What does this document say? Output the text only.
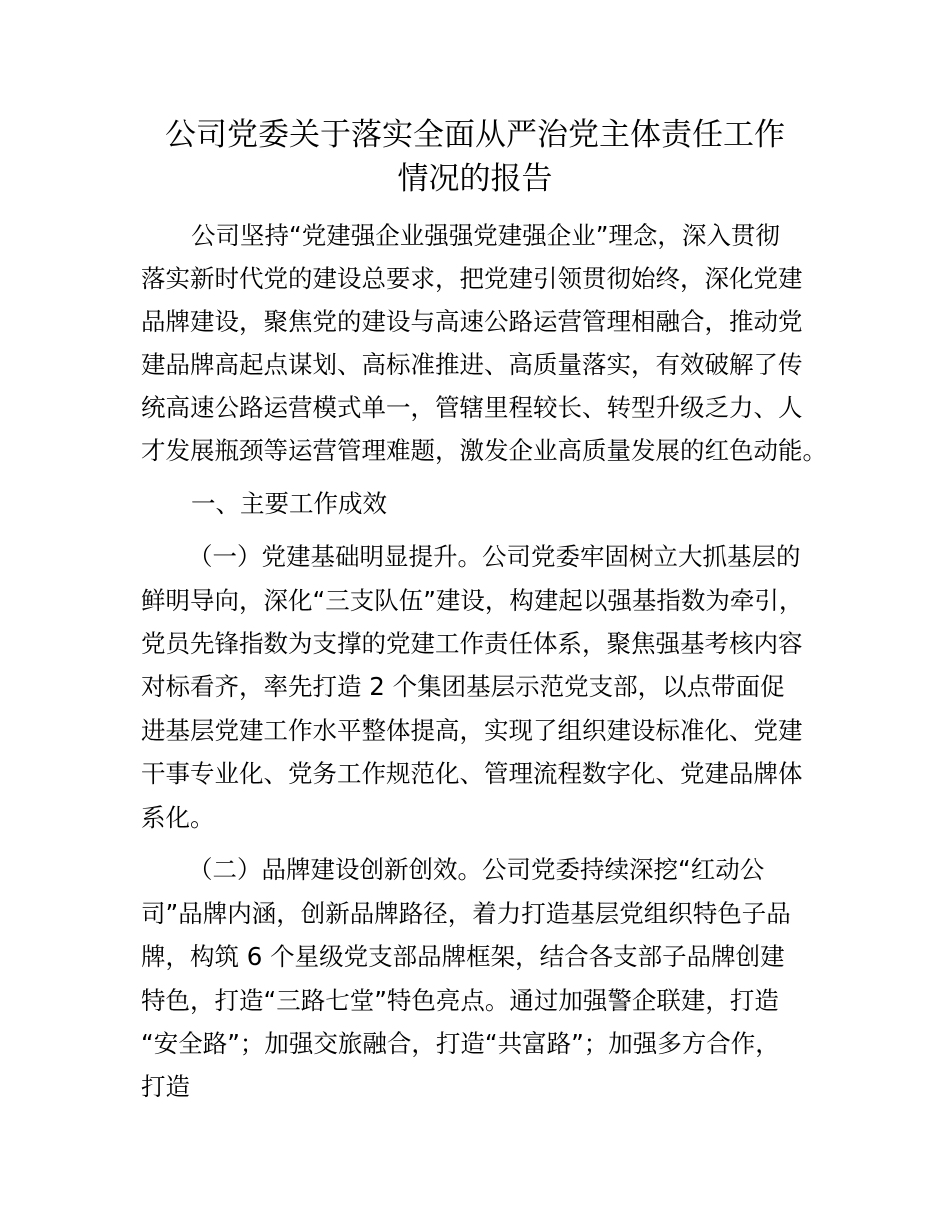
公司党委关于落实全面从严治党主体责任工作
情况的报告

公司坚持“党建强企业强强党建强企业”理念，深入贯彻

落实新时代党的建设总要求，把党建引领贯彻始终，深化党建

品牌建设，聚焦党的建设与高速公路运营管理相融合，推动党

建品牌高起点谋划、高标准推进、高质量落实，有效破解了传

统高速公路运营模式单一，管辖里程较长、转型升级乏力、人

才发展瓶颈等运营管理难题，激发企业高质量发展的红色动能。

一、主要工作成效

（一）党建基础明显提升。公司党委牢固树立大抓基层的

鲜明导向，深化“三支队伍”建设，构建起以强基指数为牵引，

党员先锋指数为支撑的党建工作责任体系，聚焦强基考核内容

对标看齐，率先打造 2 个集团基层示范党支部，以点带面促

进基层党建工作水平整体提高，实现了组织建设标准化、党建

干事专业化、党务工作规范化、管理流程数字化、党建品牌体

系化。

（二）品牌建设创新创效。公司党委持续深挖“红动公

司”品牌内涵，创新品牌路径，着力打造基层党组织特色子品

牌，构筑 6 个星级党支部品牌框架，结合各支部子品牌创建

特色，打造“三路七堂”特色亮点。通过加强警企联建，打造

“安全路”；加强交旅融合，打造“共富路”；加强多方合作，

打造
